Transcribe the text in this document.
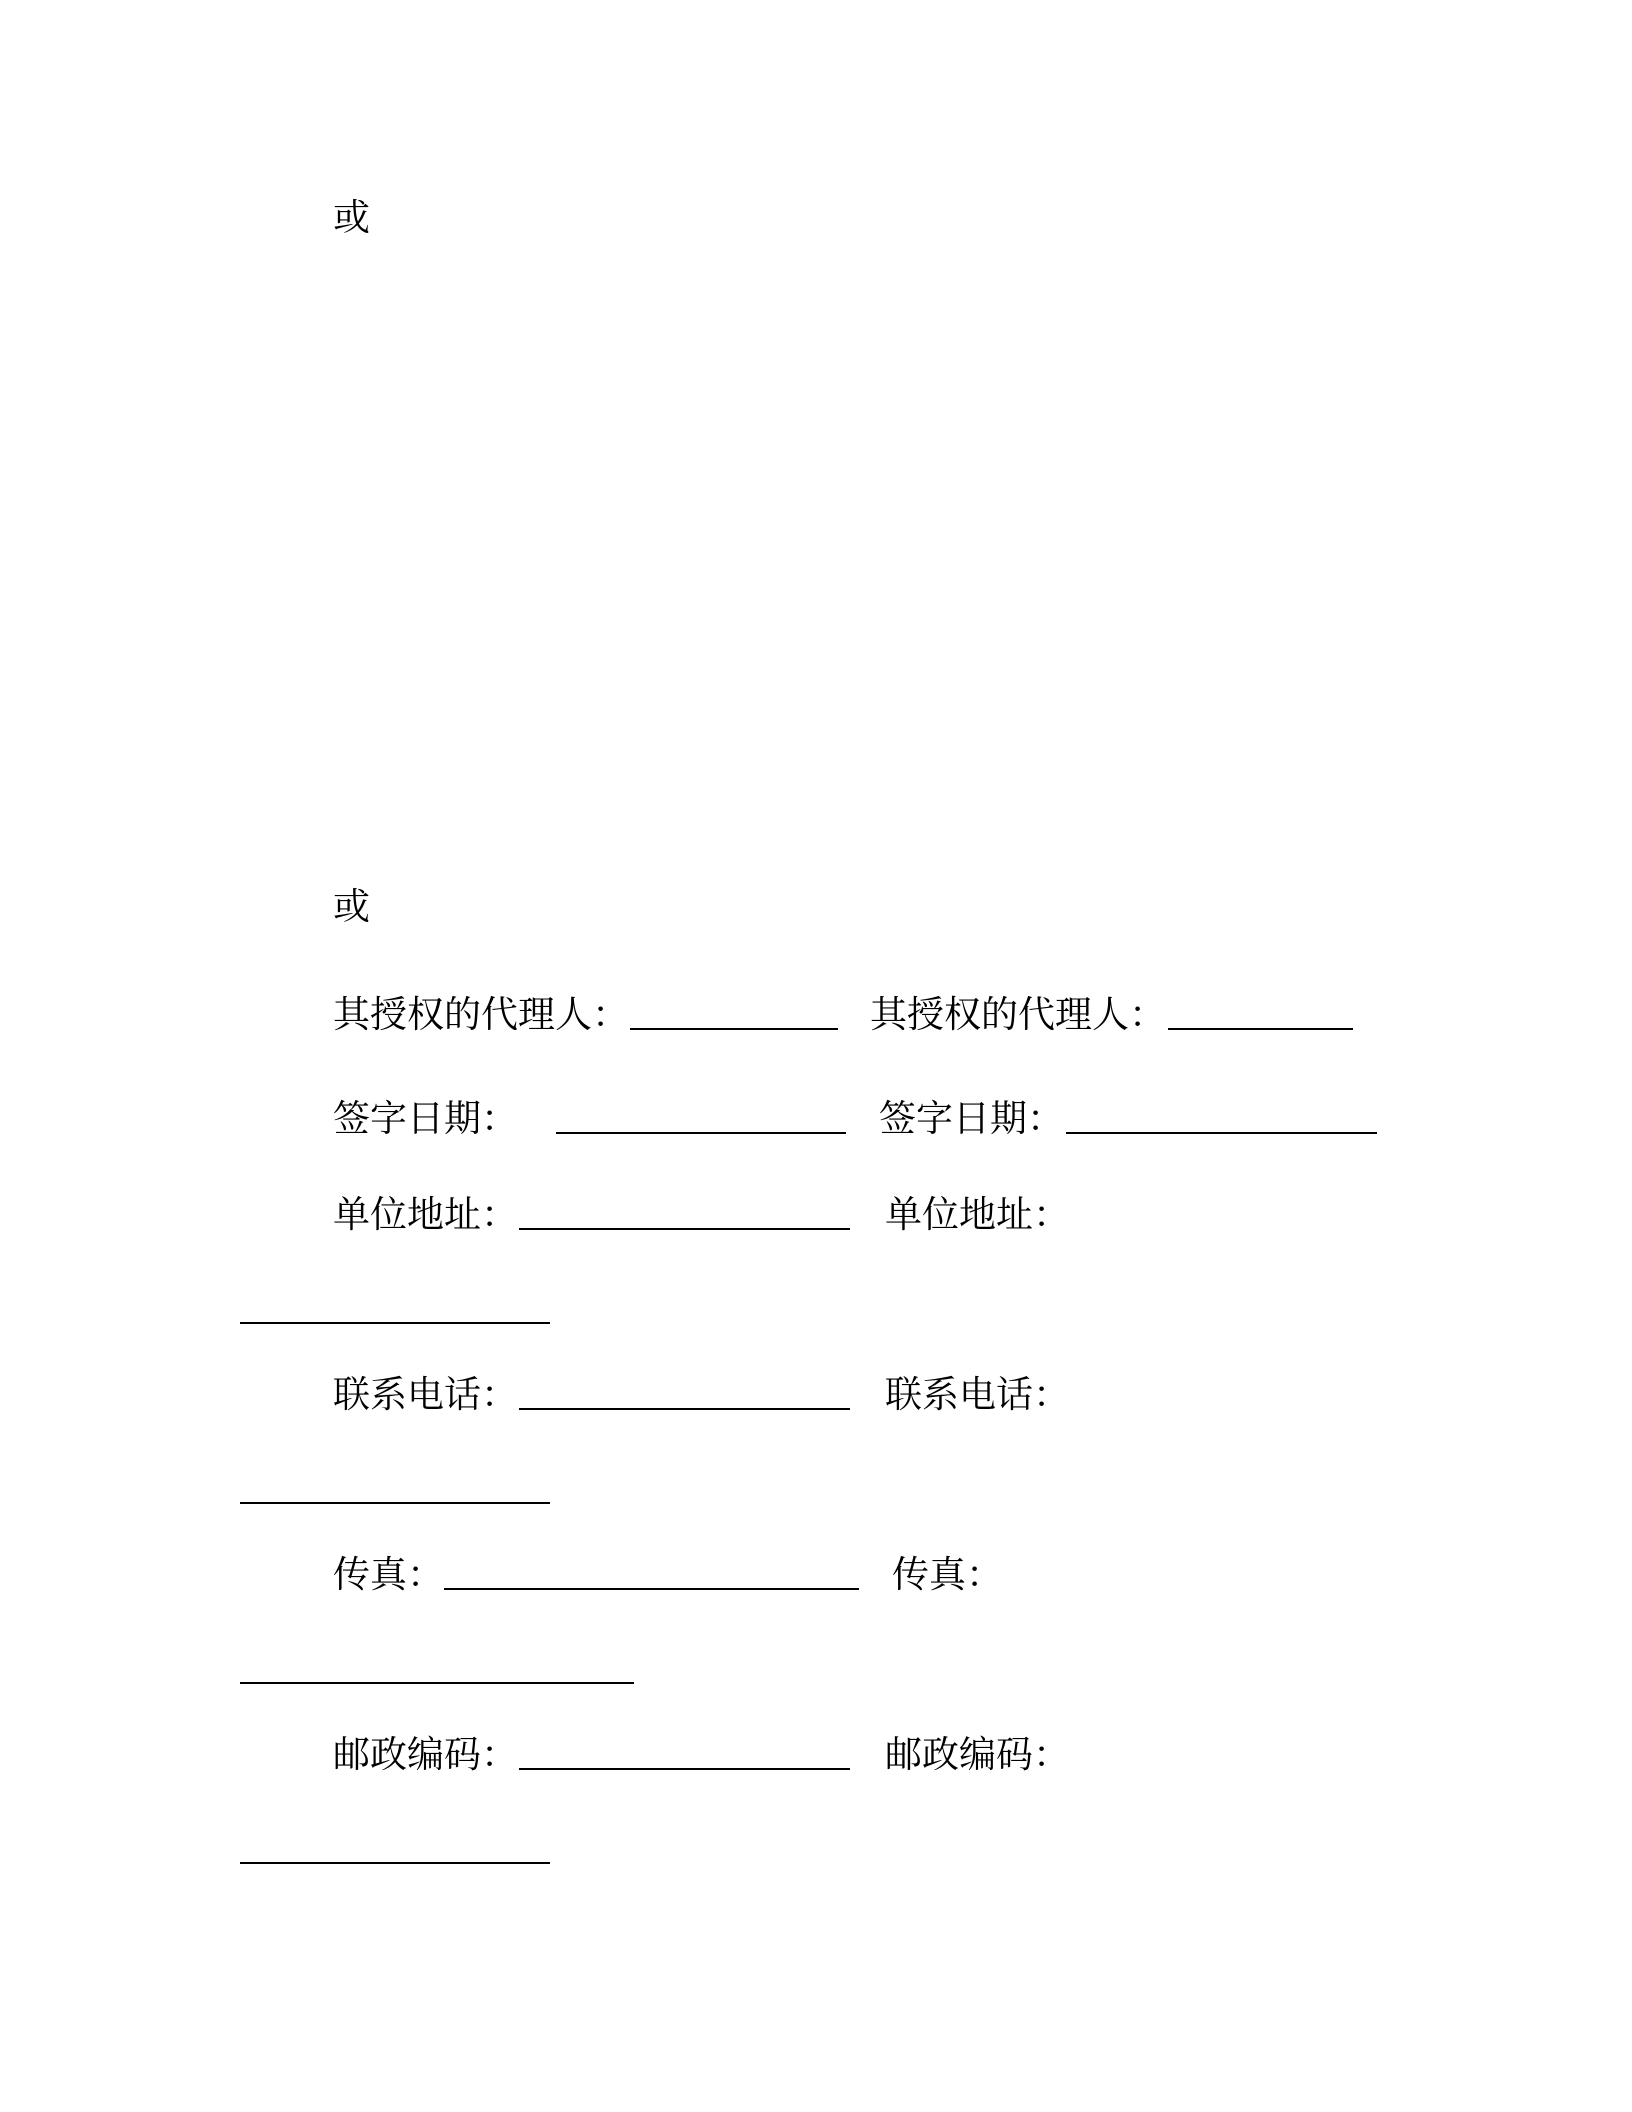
或
或
其授权的代理人：	其授权的代理人：
签字日期：	签字日期：
单位地址：	单位地址：
联系电话：	联系电话：
传真：	传真：
邮政编码：	邮政编码：
